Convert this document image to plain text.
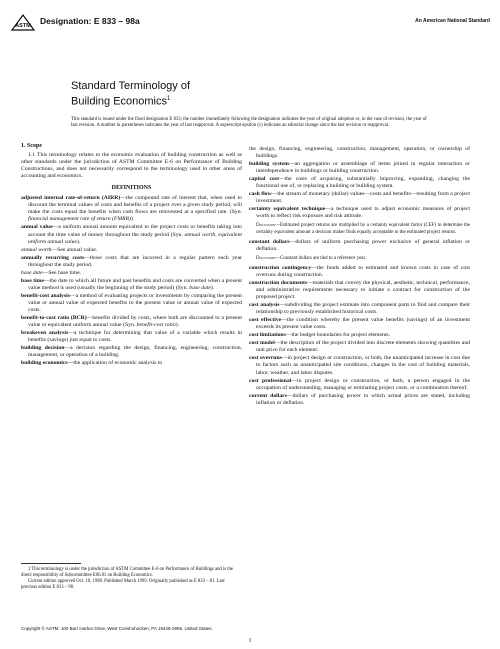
ASTM Designation: E 833 – 98a	An American National Standard
Standard Terminology of
Building Economics$^1$
This standard is issued under the fixed designation E 833; the number immediately following the designation indicates the year of original adoption or, in the case of revision, the year of last revision. A number in parentheses indicates the year of last reapproval. A superscript epsilon (ε) indicates an editorial change since the last revision or reapproval.

1. Scope

1.1 This terminology relates to the economic evaluation of building construction as well as other standards under the jurisdiction of ASTM Committee E-6 on Performance of Building Constructions, and does not necessarily correspond to the terminology used in other areas of accounting and economics.

DEFINITIONS

adjusted internal rate-of-return (AIRR)—the compound rate of interest that, when used to discount the terminal values of costs and benefits of a project over a given study period, will make the costs equal the benefits when cash flows are reinvested at a specified rate. (Syn. financial management rate of return (FMRR))

annual value—a uniform annual amount equivalent to the project costs or benefits taking into account the time value of money throughout the study period (Syn. annual worth, equivalent uniform annual value).

annual worth—See annual value.

annually recurring costs—those costs that are incurred in a regular pattern each year throughout the study period.

base date—See base time.

base time—the date to which all future and past benefits and costs are converted when a present value method is used (usually the beginning of the study period) (Syn. base date).

benefit-cost analysis—a method of evaluating projects or investments by comparing the present value or annual value of expected benefits to the present value or annual value of expected costs.

benefit-to-cost ratio (BCR)—benefits divided by costs, where both are discounted to a present value or equivalent uniform annual value (Syn. benefit-cost ratio).

breakeven analysis—a technique for determining that value of a variable which results in benefits (savings) just equal to costs.

building decision—a decision regarding the design, financing, engineering, construction, management, or operation of a building.

building economics—the application of economic analysis to

the design, financing, engineering, construction, management, operation, or ownership of buildings.

building system—an aggregation or assemblage of items joined in regular interaction or interdependence in buildings or building construction.

capital cost—the costs of acquiring, substantially improving, expanding, changing the functional use of, or replacing a building or building system.

cash flow—the stream of monetary (dollar) values—costs and benefits—resulting from a project investment.

certainty equivalent technique—a technique used to adjust economic measures of project worth to reflect risk exposure and risk attitude.

Discussion—Estimated project returns are multiplied by a certainty equivalent factor (CEF) to determine the certainty equivalent amount a decision maker finds equally acceptable to the estimated project returns.

constant dollars—dollars of uniform purchasing power exclusive of general inflation or deflation.

Discussion—Constant dollars are tied to a reference year.

construction contingency—the funds added to estimated and known costs in case of cost overruns during construction.

construction documents—materials that convey the physical, aesthetic, technical, performance, and administrative requirements necessary to initiate a contract for construction of the proposed project.

cost analysis—subdividing the project estimate into component parts to find and compare their relationship to previously established historical costs.

cost effective—the condition whereby the present value benefits (savings) of an investment exceeds its present value costs.

cost limitations—the budget boundaries for project elements.

cost model—the description of the project divided into discrete elements showing quantities and unit price for each element.

cost overruns—in project design or construction, or both, the unanticipated increase in cost due to factors such as unanticipated site conditions, changes in the cost of building materials, labor, weather, and labor disputes.

cost professional—in project design or construction, or both, a person engaged in the occupation of understanding, managing or estimating project costs, or a combination thereof.

current dollars—dollars of purchasing power in which actual prices are stated, including inflation or deflation.

1 This terminology is under the jurisdiction of ASTM Committee E-6 on Performance of Buildings and is the direct responsibility of Subcommittee E06.81 on Building Economics.

Current edition approved Oct. 10, 1998. Published March 1999. Originally published as E 833 – 81. Last previous edition E 833 – 98.

Copyright © ASTM, 100 Barr Harbor Drive, West Conshohocken, PA 19428-2959, United States.
1
